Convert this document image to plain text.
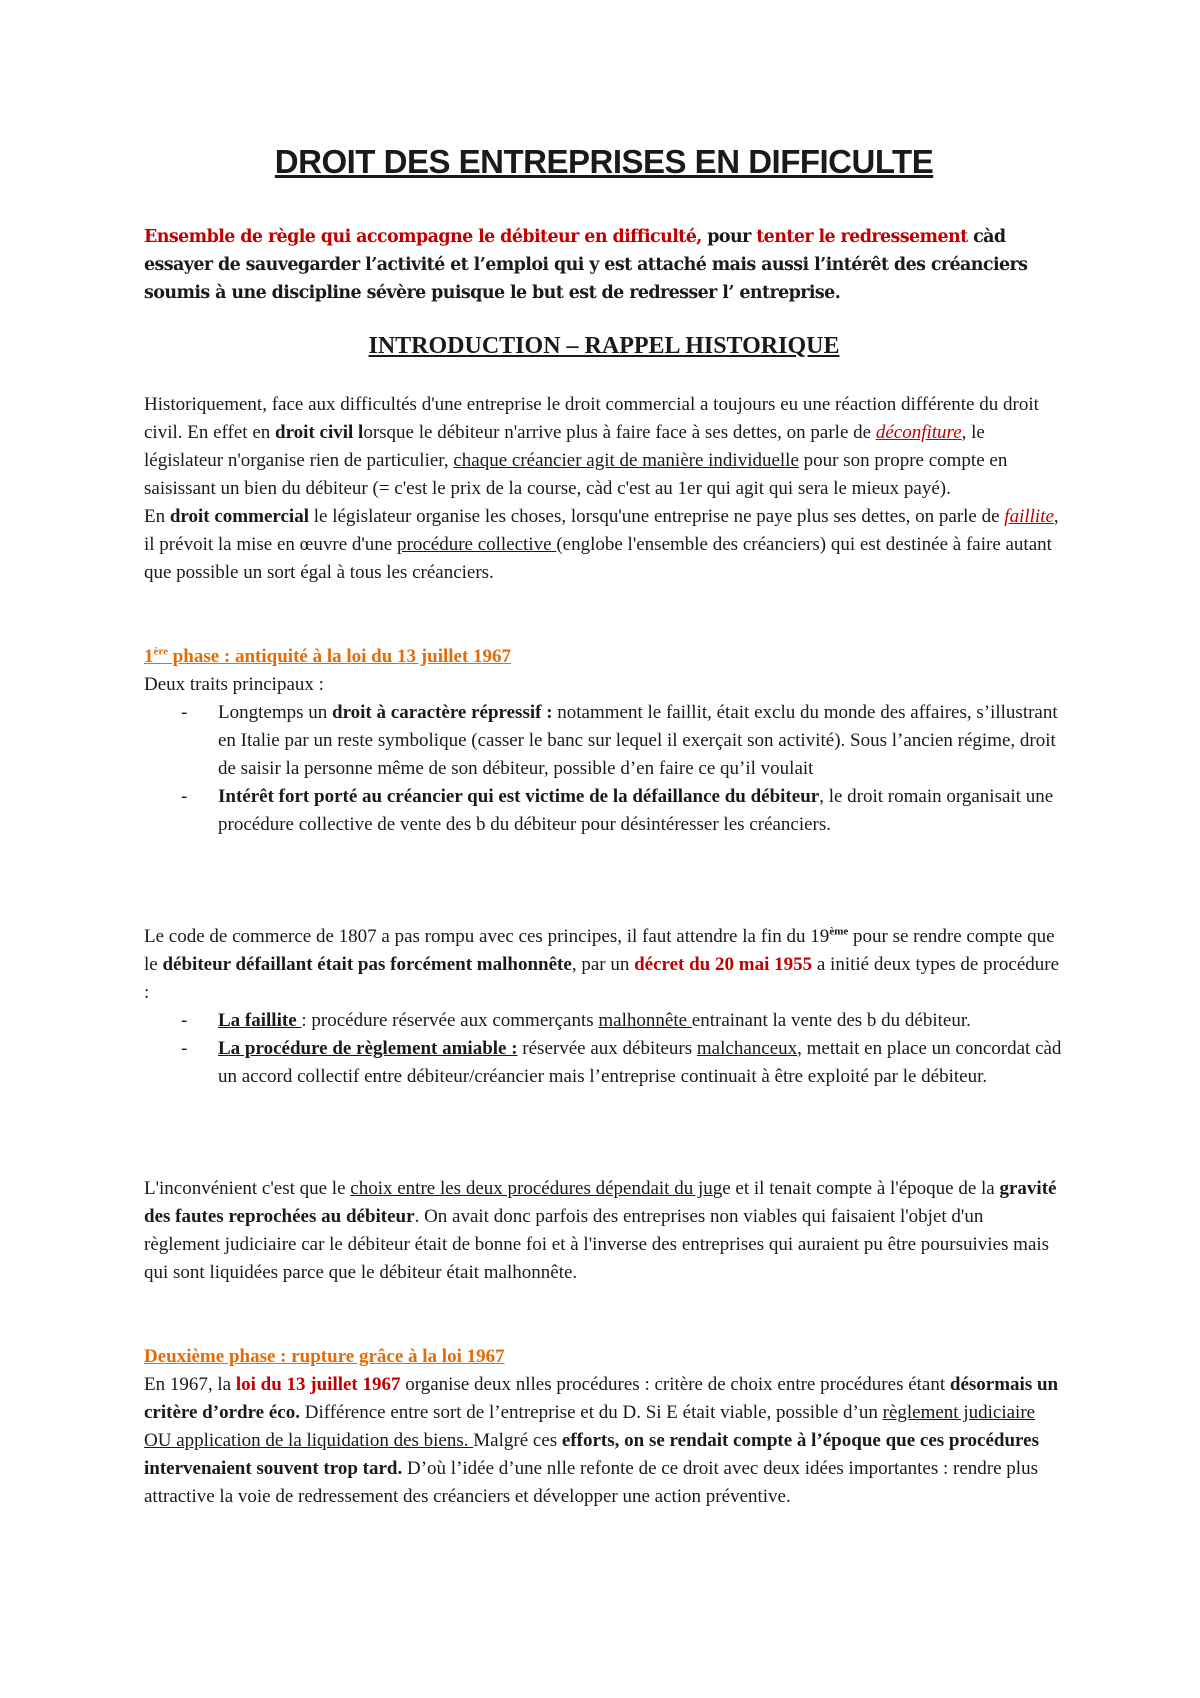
DROIT DES ENTREPRISES EN DIFFICULTE

Ensemble de règle qui accompagne le débiteur en difficulté, pour tenter le redressement càd essayer de sauvegarder l’activité et l’emploi qui y est attaché mais aussi l’intérêt des créanciers soumis à une discipline sévère puisque le but est de redresser l’ entreprise.

INTRODUCTION – RAPPEL HISTORIQUE

Historiquement, face aux difficultés d'une entreprise le droit commercial a toujours eu une réaction différente du droit civil. En effet en droit civil lorsque le débiteur n'arrive plus à faire face à ses dettes, on parle de déconfiture, le législateur n'organise rien de particulier, chaque créancier agit de manière individuelle pour son propre compte en saisissant un bien du débiteur (= c'est le prix de la course, càd c'est au 1er qui agit qui sera le mieux payé).

En droit commercial le législateur organise les choses, lorsqu'une entreprise ne paye plus ses dettes, on parle de faillite, il prévoit la mise en œuvre d'une procédure collective (englobe l'ensemble des créanciers) qui est destinée à faire autant que possible un sort égal à tous les créanciers.

1ère phase : antiquité à la loi du 13 juillet 1967

Deux traits principaux :

- Longtemps un droit à caractère répressif : notamment le faillit, était exclu du monde des affaires, s’illustrant en Italie par un reste symbolique (casser le banc sur lequel il exerçait son activité). Sous l’ancien régime, droit de saisir la personne même de son débiteur, possible d’en faire ce qu’il voulait
- Intérêt fort porté au créancier qui est victime de la défaillance du débiteur, le droit romain organisait une procédure collective de vente des b du débiteur pour désintéresser les créanciers.

Le code de commerce de 1807 a pas rompu avec ces principes, il faut attendre la fin du 19ème pour se rendre compte que le débiteur défaillant était pas forcément malhonnête, par un décret du 20 mai 1955 a initié deux types de procédure :

- La faillite : procédure réservée aux commerçants malhonnête entrainant la vente des b du débiteur.
- La procédure de règlement amiable : réservée aux débiteurs malchanceux, mettait en place un concordat càd un accord collectif entre débiteur/créancier mais l’entreprise continuait à être exploité par le débiteur.

L'inconvénient c'est que le choix entre les deux procédures dépendait du juge et il tenait compte à l'époque de la gravité des fautes reprochées au débiteur. On avait donc parfois des entreprises non viables qui faisaient l'objet d'un règlement judiciaire car le débiteur était de bonne foi et à l'inverse des entreprises qui auraient pu être poursuivies mais qui sont liquidées parce que le débiteur était malhonnête.

Deuxième phase : rupture grâce à la loi 1967

En 1967, la loi du 13 juillet 1967 organise deux nlles procédures : critère de choix entre procédures étant désormais un critère d’ordre éco. Différence entre sort de l’entreprise et du D. Si E était viable, possible d’un règlement judiciaire OU application de la liquidation des biens. Malgré ces efforts, on se rendait compte à l’époque que ces procédures intervenaient souvent trop tard. D’où l’idée d’une nlle refonte de ce droit avec deux idées importantes : rendre plus attractive la voie de redressement des créanciers et développer une action préventive.
